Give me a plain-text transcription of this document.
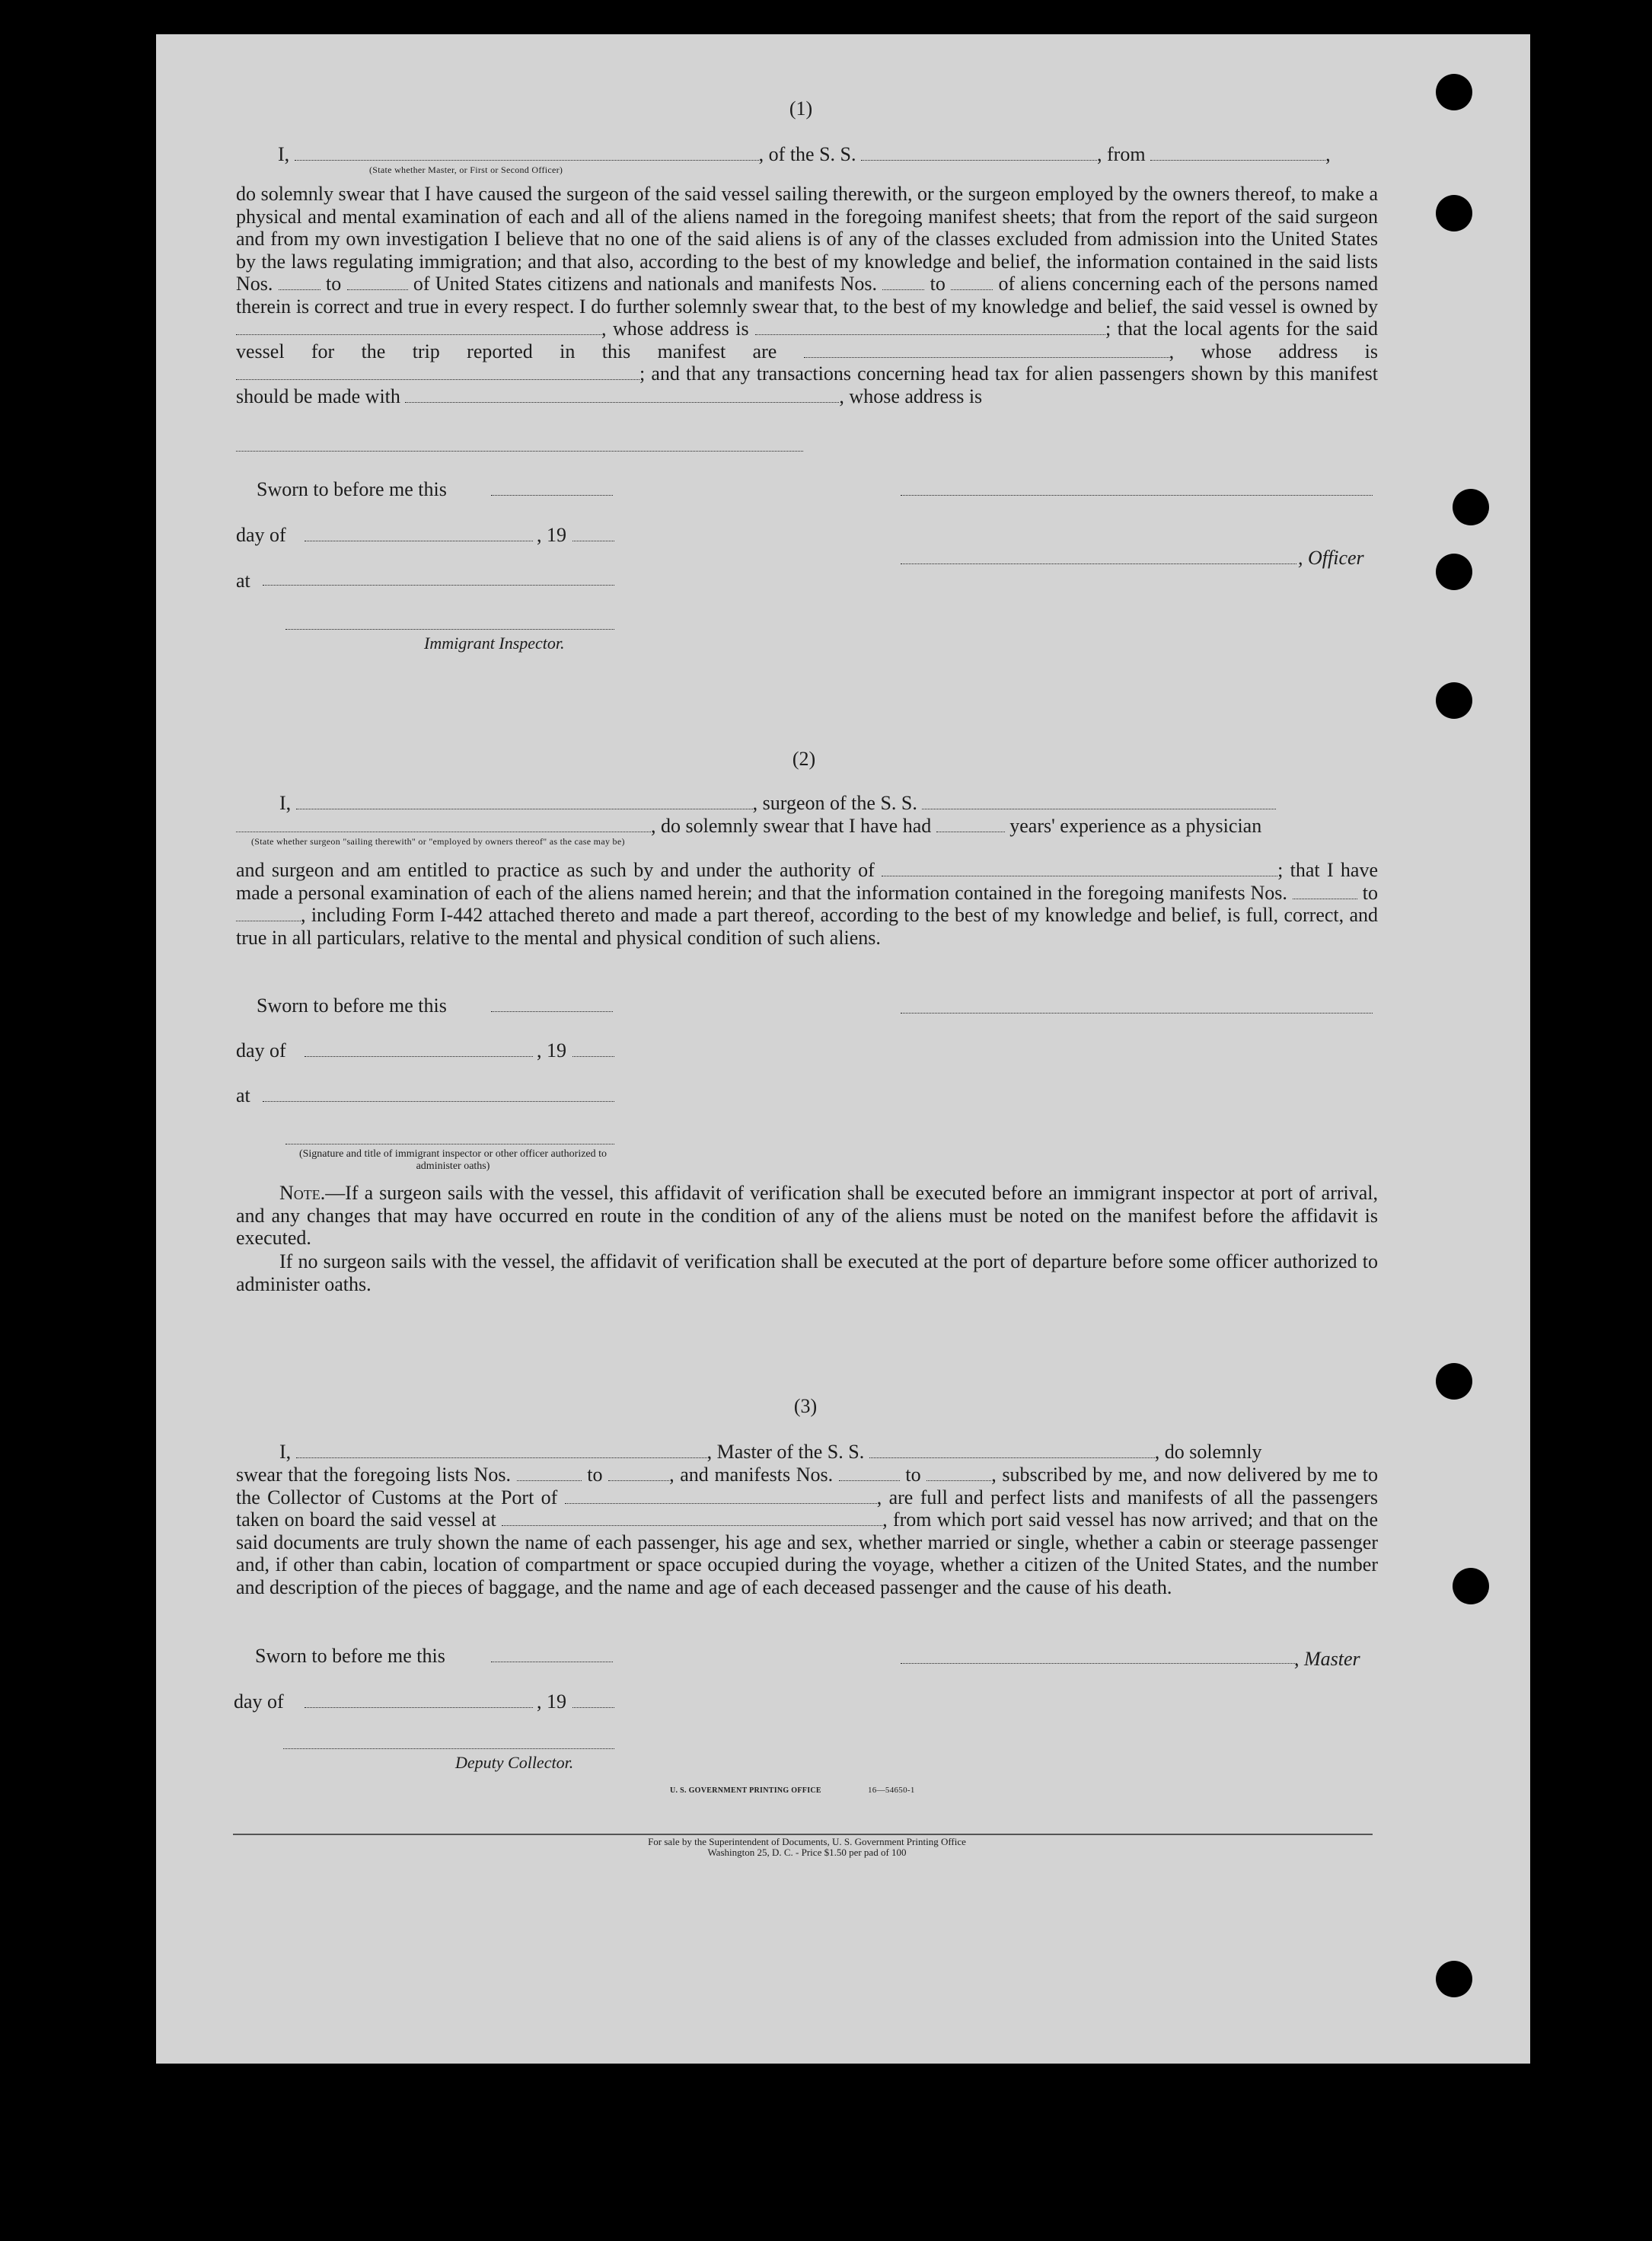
(1)
I,	, of the S. S.	, from	,
(State whether Master, or First or Second Officer)
do solemnly swear that I have caused the surgeon of the said vessel sailing therewith, or the surgeon employed by the owners thereof, to make a physical and mental examination of each and all of the aliens named in the foregoing manifest sheets; that from the report of the said surgeon and from my own investigation I believe that no one of the said aliens is of any of the classes excluded from admission into the United States by the laws regulating immigration; and that also, according to the best of my knowledge and belief, the information contained in the said lists Nos.	to	of United States citizens and nationals and manifests Nos.	to	of aliens concerning each of the persons named therein is correct and true in every respect. I do further solemnly swear that, to the best of my knowledge and belief, the said vessel is owned by , whose address is	; that the local agents for the said vessel for the trip reported in this manifest are	, whose address is ; and that any transactions concerning head tax for alien passengers shown by this manifest should be made with	, whose address is
Sworn to before me this
day of	, 19
at
Immigrant Inspector.
, Officer
(2)
I,	, surgeon of the S. S.
, do solemnly swear that I have had	years' experience as a physician
(State whether surgeon "sailing therewith" or "employed by owners thereof" as the case may be)
and surgeon and am entitled to practice as such by and under the authority of	; that I have made a personal examination of each of the aliens named herein; and that the information contained in the foregoing manifests Nos.	to , including Form I-442 attached thereto and made a part thereof, according to the best of my knowledge and belief, is full, correct, and true in all particulars, relative to the mental and physical condition of such aliens.
Sworn to before me this
day of	, 19
at
(Signature and title of immigrant inspector or other officer authorized to administer oaths)
Note.—If a surgeon sails with the vessel, this affidavit of verification shall be executed before an immigrant inspector at port of arrival, and any changes that may have occurred en route in the condition of any of the aliens must be noted on the manifest before the affidavit is executed.
If no surgeon sails with the vessel, the affidavit of verification shall be executed at the port of departure before some officer authorized to administer oaths.
(3)
I,	, Master of the S. S.	, do solemnly
swear that the foregoing lists Nos.	to	, and manifests Nos.	to	, subscribed by me, and now delivered by me to the Collector of Customs at the Port of	, are full and perfect lists and manifests of all the passengers taken on board the said vessel at	, from which port said vessel has now arrived; and that on the said documents are truly shown the name of each passenger, his age and sex, whether married or single, whether a cabin or steerage passenger and, if other than cabin, location of compartment or space occupied during the voyage, whether a citizen of the United States, and the number and description of the pieces of baggage, and the name and age of each deceased passenger and the cause of his death.
Sworn to before me this
day of	, 19
Deputy Collector.
, Master
U. S. GOVERNMENT PRINTING OFFICE	16—54650-1
For sale by the Superintendent of Documents, U. S. Government Printing Office
Washington 25, D. C. - Price $1.50 per pad of 100
